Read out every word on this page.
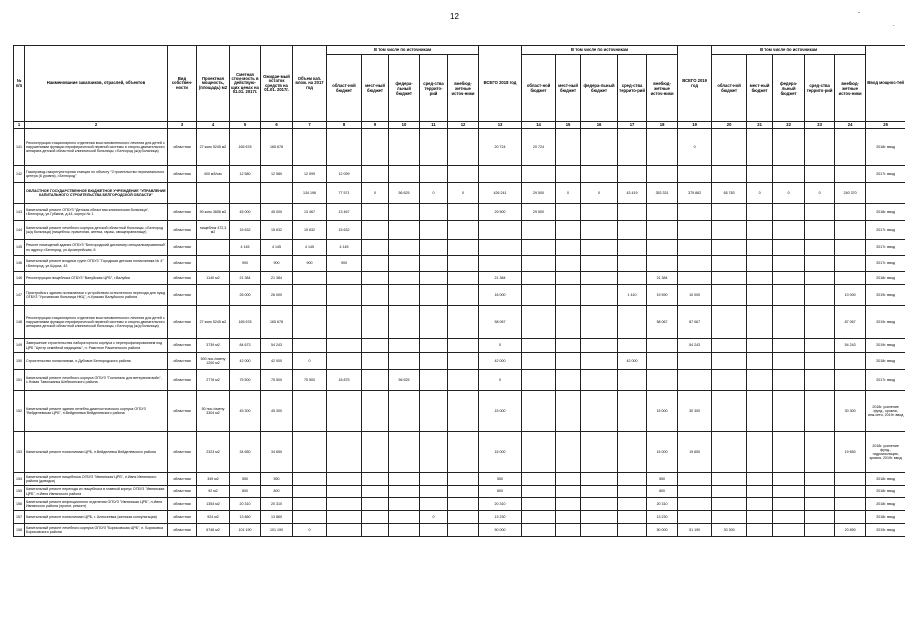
12	-
.
№ п/п	Наименование заказчиков, отраслей, объектов	Вид собствен-ности	Проектная мощность, (площадь) м2	Сметная стои-мость в действую-щих ценах на 01.01. 2017г.	Ожидае-мый остаток средств на 01.01. 2017г.	Объем кап. влож. на 2017 год	В том числе по источникам					ВСЕГО 2018 год	В том числе по источникам					ВСЕГО 2019 год	В том числе по источникам					Ввод мощнос-тей
							област-ной бюджет	мест-ный бюджет	федера-льный бюджет	сред-ства террито-рий	внебюд-жетные источ-ники		област-ной бюджет	мест-ный бюджет	федера-льный бюджет	сред-ства террито-рий	внебюд-жетные источ-ники		област-ной бюджет	мест-ный бюджет	федера-льный бюджет	сред-ства террито-рий	внебюд-жетные источ-ники	
1	2	3	4	5	6	7	8	9	10	11	12	13	14	15	16	17	18	19	20	21	22	23	24	25
141	Реконструкция стационарного отделения восстановительного лечения для детей с нарушениями функции периферической нервной системы и опорно-двигательного аппарата детской областной клинической больницы, г.Белгород (ж/д больница)	областная	27 коек 5245 м2	165 678	165 678							20 724	20 724					0						2018г. ввод
142	Газопровод-газорегуляторная станция по объекту "Строительство перинатального центра (6 уровня), г.Белгород"	областная	400 м3/час	12 580	12 580	12 099	12 099																	2017г. ввод
	ОБЛАСТНОЕ ГОСУДАРСТВЕННОЕ БЮДЖЕТНОЕ УЧРЕЖДЕНИЕ "УПРАВЛЕНИЕ КАПИТАЛЬНОГО СТРОИТЕЛЬСТВА БЕЛГОРОДСКОЙ ОБЛАСТИ"					134 196	77 571	0	56 625	0	0	426 241	29 500	0	0	43 419	353 331	375 862	65 783	0	0	0	240 370	
143	Капитальный ремонт ОГБУЗ "Детская областная клиническая больница", г.Белгород, ул.Губкина, д.44, корпус № 1	областная	90 коек 3656 м2	45 000	45 000	13 467	13 467					29 500	29 500											2018г. ввод
144	Капитальный ремонт лечебного корпуса детской областной больницы, г.Белгород (ж/д больница) (пищеблок, прачечная, аптека, гараж, овощехранилище)	областная	пищеблок 472,3 м2	15 632	15 632	15 632	15 632																	2017г. ввод
145	Ремонт помещений здания ОГБУЗ "Белгородский диспансер специализированный" по адресу г.Белгород, ул.Архиерейская, 6	областная		4 145	4 145	4 145	4 145																	2017г. ввод
146	Капитальный ремонт входных групп ОГБУЗ "Городская детская поликлиника № 4" г.Белгород, ул.Щорса, 43	областная		900	900	900	900																	2017г. ввод
146	Реконструкция пищеблока ОГБУЗ "Валуйская ЦРБ", г.Валуйки	областная	1140 м2	21 384	21 384							21 384					21 384							2018г. ввод
147	Пристройка к зданию поликлиники с устройством остекленного перехода для нужд ОГБУЗ "Урочанская больница НКЦ", п.Уразово Валуйского района	областная		26 000	26 000							16 000				1 410	19 590	10 000					10 000	2019г. ввод
148	Реконструкция стационарного отделения восстановительного лечения для детей с нарушениями функции периферической нервной системы и опорно-двигательного аппарата детской областной клинической больницы, г.Белгород (ж/д больница)	областная	27 коек 5245 м2	165 678	165 678							58 067					58 067	87 067					87 067	2019г. ввод
149	Завершение строительства лабораторного корпуса с перепрофилированием под ЦРБ "Центр семейной медицины", п. Ракитное Ракитянского района	областная	3739 м2	84 673	54 243							0						54 243					54 243	2019г. ввод
150	Строительство поликлиники, п.Дубовое Белгородского района	областная	500 пос./смену 1200 м2	42 000	42 000	0						42 000				42 000								2018г. ввод
151	Капитальный ремонт лечебного корпуса ОГБУЗ "Госпиталь для ветеранов войн", с.Новая Таволжанка Шебекинского района	областная	2776 м2	75 500	75 500	75 500	18 875		56 625			0												2017г. ввод
152	Капитальный ремонт здания лечебно-диагностического корпуса ОГБУЗ "Вейделевская ЦРБ", п.Вейделевка Вейделевского района	областная	50 пос./смену 3304 м2	45 300	45 300							15 000					15 000	30 300					30 300	2018г. усиление фунд., кровли, инж.сети, 2019г. ввод
153	Капитальный ремонт поликлиники ЦРБ, п.Вейделевка Вейделевского района	областная	2323 м2	34 650	34 650							15 000					15 000	19 650					19 650	2018г. усиление фунд., гидроизоляция, кровля, 2019г. ввод
154	Капитальный ремонт пищеблока ОГБУЗ "Ивнянская ЦРБ", п.Ивня Ивнянского района (доводка)	областная	349 м2	550	550							550					550							2018г. ввод
155	Капитальный ремонт перехода из пищеблока в главный корпус ОГБУЗ "Ивнянская ЦРБ", п.Ивня Ивнянского района	областная	92 м2	800	800							800					800							2018г. ввод
156	Капитальный ремонт инфекционного отделения ОГБУЗ "Ивнянская ЦРБ", п.Ивня Ивнянского района (проект, ремонт)	областная	1354 м2	20 310	20 310							20 310					20 310							2018г. ввод
157	Капитальный ремонт поликлиники ЦРБ, г. Алексеевка (женская консультация)	областная	924 м2	13 860	13 860					0		13 230					13 230							2018г. ввод
158	Капитальный ремонт лечебного корпуса ОГБУЗ "Борисовская ЦРБ", п. Борисовка Борисовского района	областная	6746 м2	101 190	101 190	0						50 000					50 000	51 190	30 300				20 890	2019г. ввод
